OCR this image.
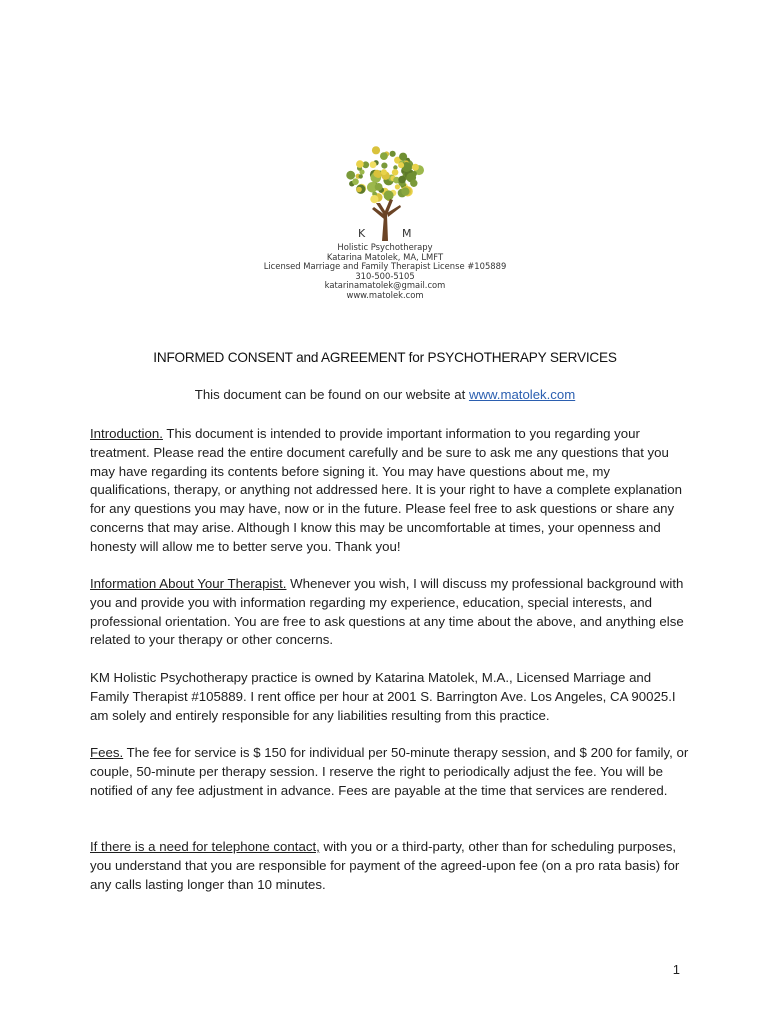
K	M
Holistic Psychotherapy
Katarina Matolek, MA, LMFT
Licensed Marriage and Family Therapist License #105889
310-500-5105
katarinamatolek@gmail.com
www.matolek.com
INFORMED CONSENT and AGREEMENT for PSYCHOTHERAPY SERVICES
This document can be found on our website at www.matolek.com
Introduction. This document is intended to provide important information to you regarding your treatment. Please read the entire document carefully and be sure to ask me any questions that you may have regarding its contents before signing it. You may have questions about me, my qualifications, therapy, or anything not addressed here. It is your right to have a complete explanation for any questions you may have, now or in the future. Please feel free to ask questions or share any concerns that may arise. Although I know this may be uncomfortable at times, your openness and honesty will allow me to better serve you. Thank you!
Information About Your Therapist. Whenever you wish, I will discuss my professional background with you and provide you with information regarding my experience, education, special interests, and professional orientation. You are free to ask questions at any time about the above, and anything else related to your therapy or other concerns.
KM Holistic Psychotherapy practice is owned by Katarina Matolek, M.A., Licensed Marriage and Family Therapist #105889. I rent office per hour at 2001 S. Barrington Ave. Los Angeles, CA 90025.I am solely and entirely responsible for any liabilities resulting from this practice.
Fees. The fee for service is $ 150 for individual per 50-minute therapy session, and $ 200 for family, or couple, 50-minute per therapy session. I reserve the right to periodically adjust the fee. You will be notified of any fee adjustment in advance. Fees are payable at the time that services are rendered.
If there is a need for telephone contact, with you or a third-party, other than for scheduling purposes, you understand that you are responsible for payment of the agreed-upon fee (on a pro rata basis) for any calls lasting longer than 10 minutes.
1
